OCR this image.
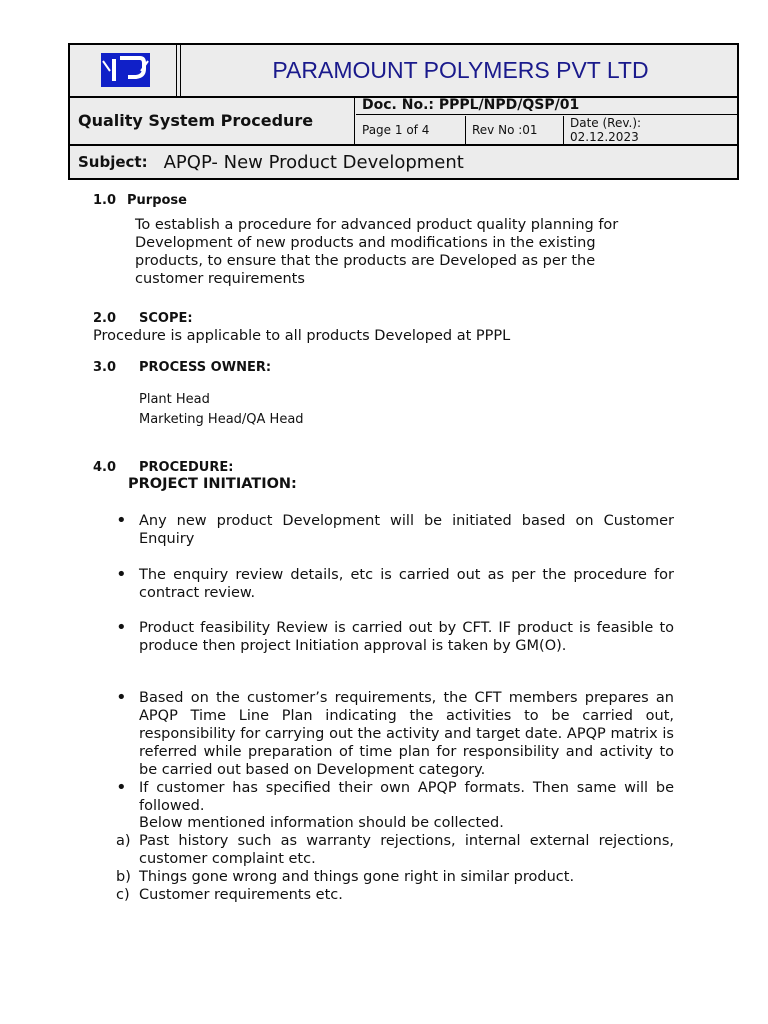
PARAMOUNT POLYMERS PVT LTD
Quality System Procedure
Doc. No.: PPPL/NPD/QSP/01
Page 1 of 4	Rev No :01	Date (Rev.):
02.12.2023
Subject: APQP- New Product Development
1.0 Purpose
To establish a procedure for advanced product quality planning for Development of new products and modifications in the existing products, to ensure that the products are Developed as per the customer requirements
2.0 SCOPE:
Procedure is applicable to all products Developed at PPPL
3.0 PROCESS OWNER:
Plant Head
Marketing Head/QA Head
4.0 PROCEDURE:
PROJECT INITIATION:
• Any new product Development will be initiated based on Customer Enquiry
• The enquiry review details, etc is carried out as per the procedure for contract review.
• Product feasibility Review is carried out by CFT. IF product is feasible to produce then project Initiation approval is taken by GM(O).
• Based on the customer’s requirements, the CFT members prepares an APQP Time Line Plan indicating the activities to be carried out, responsibility for carrying out the activity and target date. APQP matrix is referred while preparation of time plan for responsibility and activity to be carried out based on Development category.
• If customer has specified their own APQP formats. Then same will be followed.
Below mentioned information should be collected.
a) Past history such as warranty rejections, internal external rejections, customer complaint etc.
b) Things gone wrong and things gone right in similar product.
c) Customer requirements etc.
